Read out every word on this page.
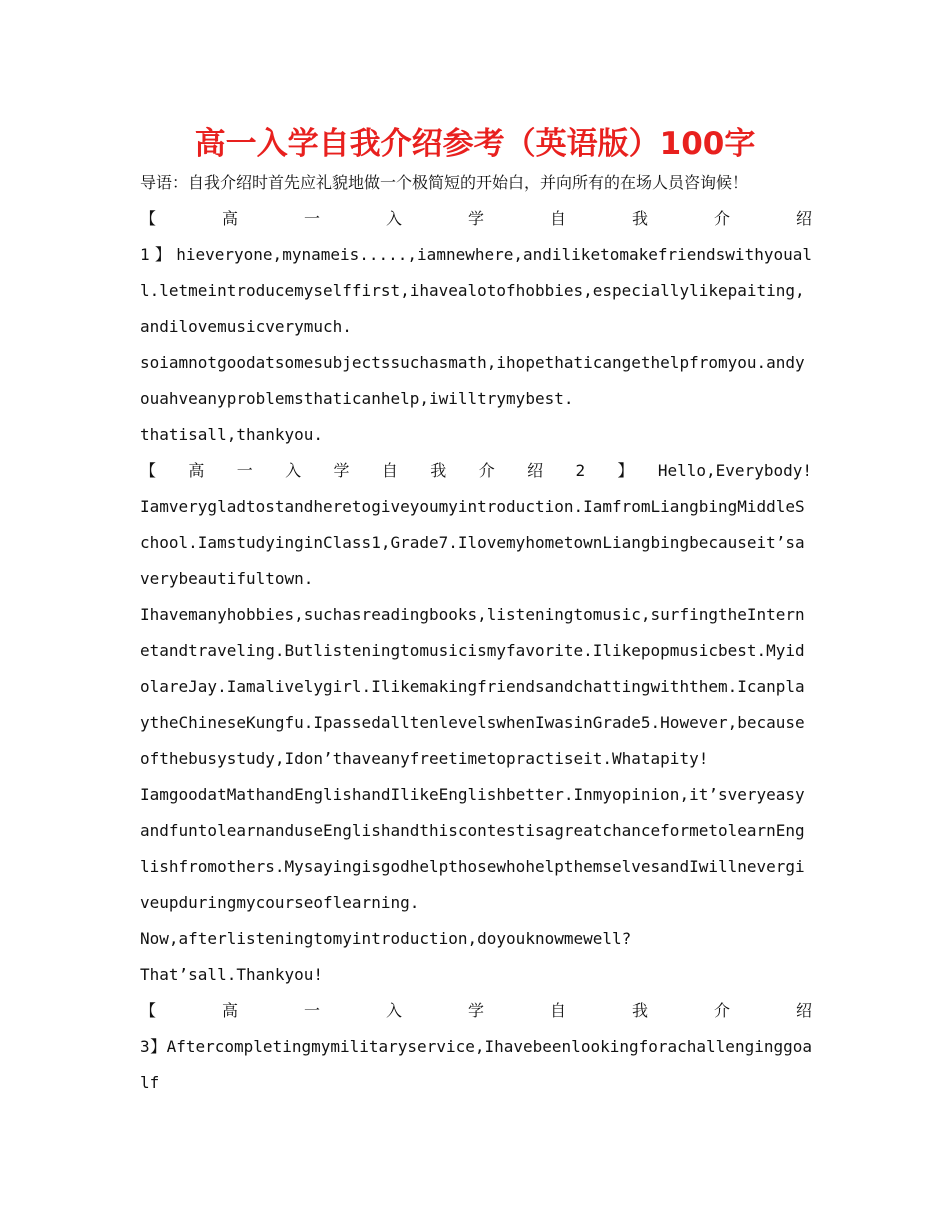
高一入学自我介绍参考（英语版）100字

导语：自我介绍时首先应礼貌地做一个极简短的开始白，并向所有的在场人员咨询候！

【　　高　　一　　入　　学　　自　　我　　介　　绍

1】hieveryone,mynameis.....,iamnewhere,andiliketomakefriendswithyouall.letmeintroducemyselffirst,ihavealotofhobbies,especiallylikepaiting,andilovemusicverymuch.

soiamnotgoodatsomesubjectssuchasmath,ihopethaticangethelpfromyou.andyouahveanyproblemsthaticanhelp,iwilltrymybest.

thatisall,thankyou.

【　　高　　一　　入　　学　　自　　我　　介　　绍　　2　　】　　Hello,Everybody!

Iamverygladtostandheretogiveyoumyintroduction.IamfromLiangbingMiddleSchool.IamstudyinginClass1,Grade7.IlovemyhometownLiangbingbecauseit’saverybeautifultown.

Ihavemanyhobbies,suchasreadingbooks,listeningtomusic,surfingtheInternetandtraveling.Butlisteningtomusicismyfavorite.Ilikepopmusicbest.MyidolareJay.Iamalivelygirl.Ilikemakingfriendsandchattingwiththem.IcanplaytheChineseKungfu.IpassedalltenlevelswhenIwasinGrade5.However,becauseofthebusystudy,Idon’thaveanyfreetimetopractiseit.Whatapity!

IamgoodatMathandEnglishandIlikeEnglishbetter.Inmyopinion,it’sveryeasyandfuntolearnanduseEnglishandthiscontestisagreatchanceformetolearnEnglishfromothers.MysayingisgodhelpthosewhohelpthemselvesandIwillnevergiveupduringmycourseoflearning.

Now,afterlisteningtomyintroduction,doyouknowmewell?

That’sall.Thankyou!

【　　高　　一　　入　　学　　自　　我　　介　　绍

3】Aftercompletingmymilitaryservice,Ihavebeenlookingforachallenginggoalf
